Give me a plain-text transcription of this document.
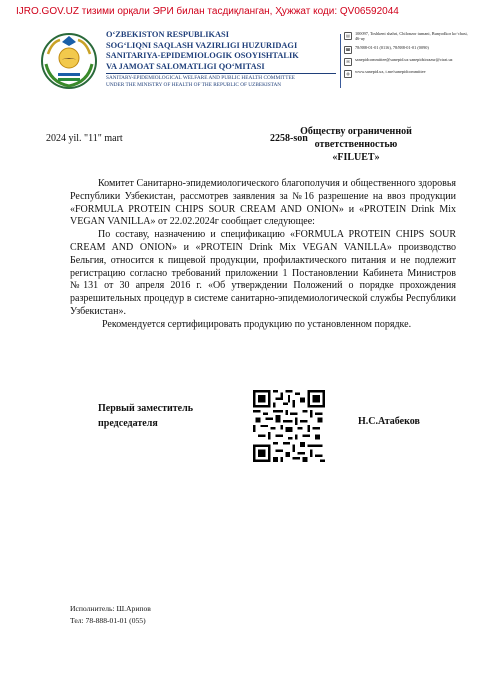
IJRO.GOV.UZ тизими орқали ЭРИ билан тасдиқланган, Ҳужжат коди: QV06592044
O‘ZBEKISTON RESPUBLIKASI
SOG‘LIQNI SAQLASH VAZIRLIGI HUZURIDAGI
SANITARIYA-EPIDEMIOLOGIK OSOYISHTALIK
VA JAMOAT SALOMATLIGI QO‘MITASI
SANITARY-EPIDEMIOLOGICAL WELFARE AND PUBLIC HEALTH COMMITTEE
UNDER THE MINISTRY OF HEALTH OF THE REPUBLIC OF UZBEKISTAN
▤	100097, Toshkent shahri, Chilonzor tumani, Bunyodkor ko‘chasi, 46-uy
☎	78/888-01-01 (0116), 78/888-01-01 (0090)
✉	sanepidcommittee@sanepid.uz sanepidsirrazur@ctrat.uz
◍	www.sanepid.uz, t.me/sanepidcommittee
2024 yil. "11" mart	2258-son
Обществу ограниченной
ответственностью
«FILUET»

Комитет Санитарно-эпидемиологического благополучия и общественного здоровья Республики Узбекистан, рассмотрев заявления за №16 разрешение на ввоз продукции «FORMULA PROTEIN CHIPS SOUR CREAM AND ONION» и «PROTEIN Drink Mix VEGAN VANILLA» от 22.02.2024г сообщает следующее:

По составу, назначению и спецификацию «FORMULA PROTEIN CHIPS SOUR CREAM AND ONION» и «PROTEIN Drink Mix VEGAN VANILLA» производство Бельгия, относится к пищевой продукции, профилактического питания и не подлежит регистрацию согласно требований приложении 1 Постановлении Кабинета Министров №131 от 30 апреля 2016 г. «Об утверждении Положений о порядке прохождения разрешительных процедур в системе санитарно-эпидемиологической службы Республики Узбекистан».

Рекомендуется сертифицировать продукцию по установленном порядке.

Первый заместитель
председателя	Н.С.Атабеков
Исполнитель: Ш.Арипов
Тел: 78-888-01-01 (055)
